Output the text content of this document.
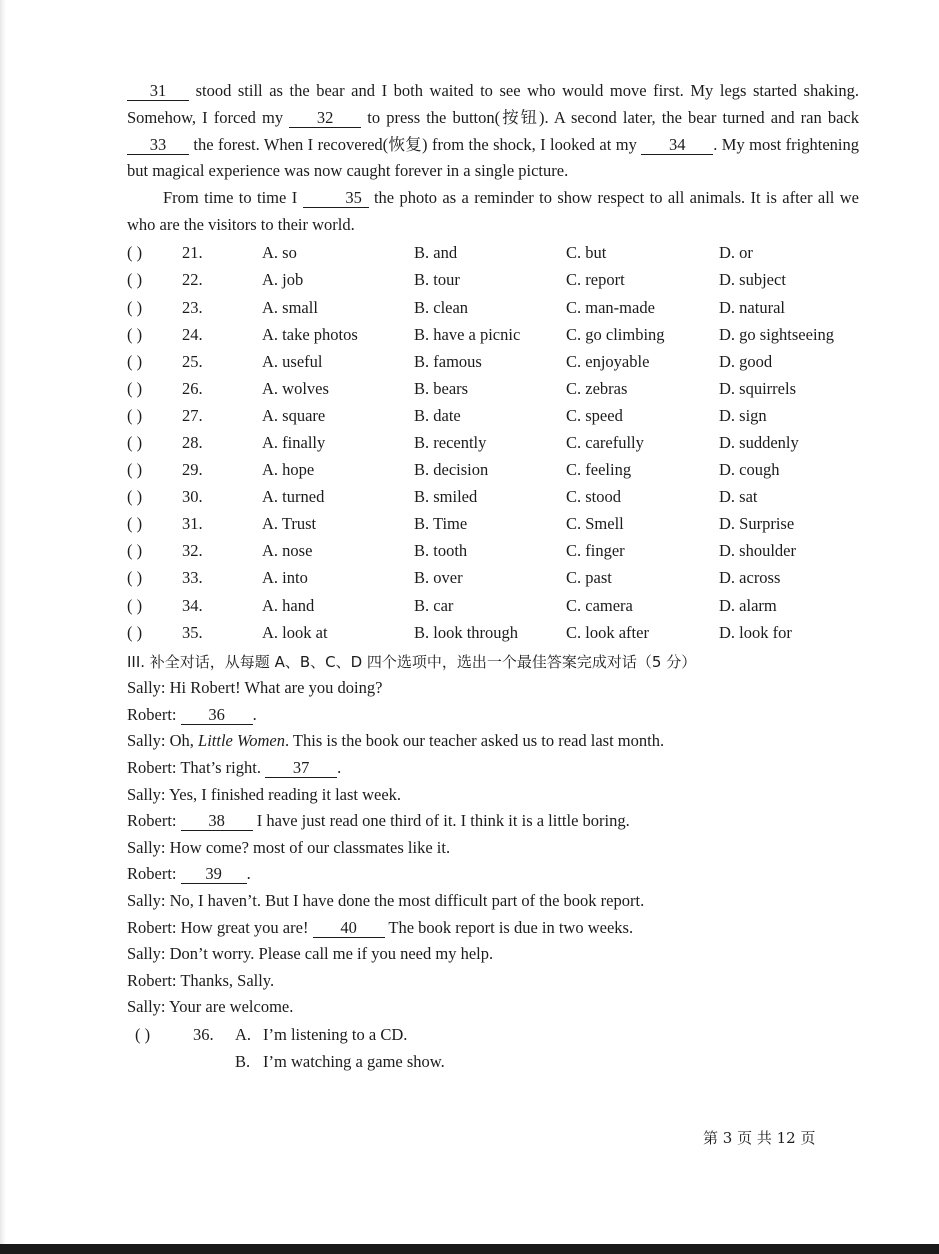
31 stood still as the bear and I both waited to see who would move first. My legs started shaking. Somehow, I forced my 32 to press the button(按钮). A second later, the bear turned and ran back 33 the forest. When I recovered(恢复) from the shock, I looked at my 34 . My most frightening but magical experience was now caught forever in a single picture.

From time to time I	35 the photo as a reminder to show respect to all animals. It is after all we who are the visitors to their world.

( )	21.	A. so	B. and	C. but	D. or
( )	22.	A. job	B. tour	C. report	D. subject
( )	23.	A. small	B. clean	C. man-made	D. natural
( )	24.	A. take photos	B. have a picnic	C. go climbing	D. go sightseeing
( )	25.	A. useful	B. famous	C. enjoyable	D. good
( )	26.	A. wolves	B. bears	C. zebras	D. squirrels
( )	27.	A. square	B. date	C. speed	D. sign
( )	28.	A. finally	B. recently	C. carefully	D. suddenly
( )	29.	A. hope	B. decision	C. feeling	D. cough
( )	30.	A. turned	B. smiled	C. stood	D. sat
( )	31.	A. Trust	B. Time	C. Smell	D. Surprise
( )	32.	A. nose	B. tooth	C. finger	D. shoulder
( )	33.	A. into	B. over	C. past	D. across
( )	34.	A. hand	B. car	C. camera	D. alarm
( )	35.	A. look at	B. look through	C. look after	D. look for
III. 补全对话，从每题 A、B、C、D 四个选项中，选出一个最佳答案完成对话（5 分）
Sally: Hi Robert! What are you doing?
Robert: 36 .
Sally: Oh, Little Women. This is the book our teacher asked us to read last month.
Robert: That’s right. 37 .
Sally: Yes, I finished reading it last week.
Robert: 38 I have just read one third of it. I think it is a little boring.
Sally: How come? most of our classmates like it.
Robert: 39 .
Sally: No, I haven’t. But I have done the most difficult part of the book report.
Robert: How great you are! 40 The book report is due in two weeks.
Sally: Don’t worry. Please call me if you need my help.
Robert: Thanks, Sally.
Sally: Your are welcome.
( )	36.	A. I’m listening to a CD.
B. I’m watching a game show.
第 3 页 共 12 页
